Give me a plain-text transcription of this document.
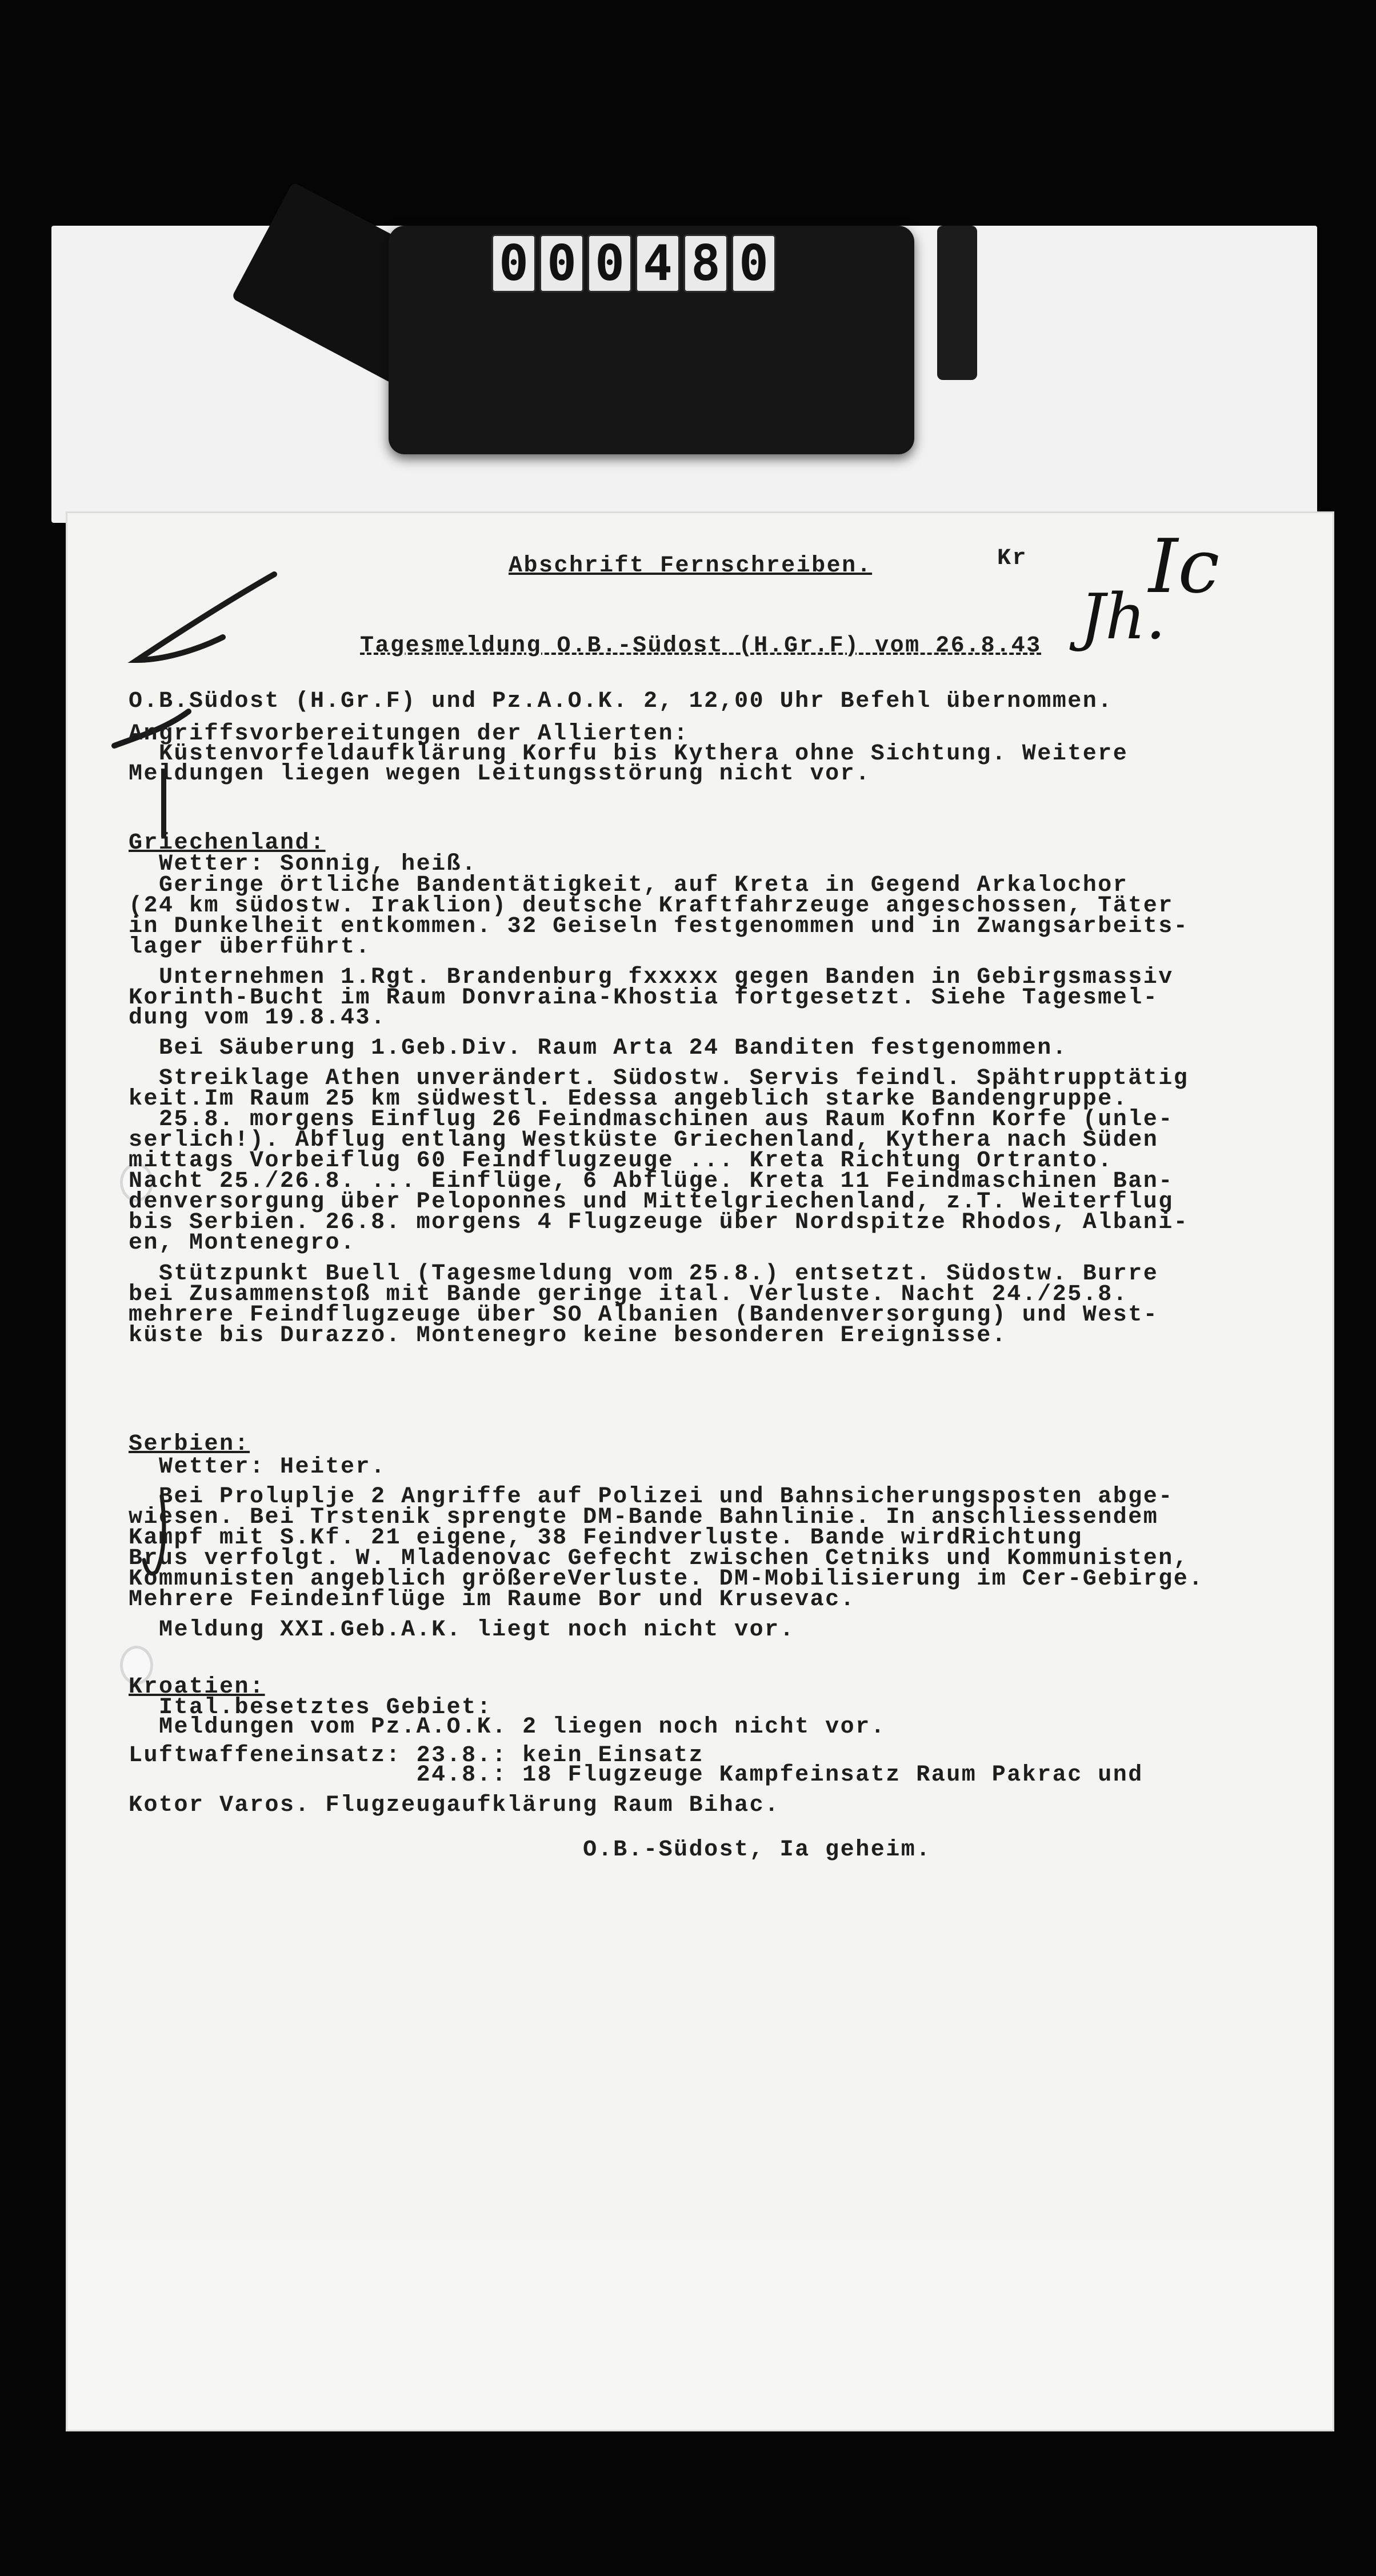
0 0 0 4 8 0
Ic
Jh.
Abschrift Fernschreiben.	Kr
Tagesmeldung O.B.-Südost (H.Gr.F) vom 26.8.43
O.B.Südost (H.Gr.F) und Pz.A.O.K. 2, 12,00 Uhr Befehl übernommen.
Angriffsvorbereitungen der Allierten:
Küstenvorfeldaufklärung Korfu bis Kythera ohne Sichtung. Weitere
Meldungen liegen wegen Leitungsstörung nicht vor.
Griechenland:
Wetter: Sonnig, heiß.
Geringe örtliche Bandentätigkeit, auf Kreta in Gegend Arkalochor
(24 km südostw. Iraklion) deutsche Kraftfahrzeuge angeschossen, Täter
in Dunkelheit entkommen. 32 Geiseln festgenommen und in Zwangsarbeits-
lager überführt.
Unternehmen 1.Rgt. Brandenburg fxxxxx gegen Banden in Gebirgsmassiv
Korinth-Bucht im Raum Donvraina-Khostia fortgesetzt. Siehe Tagesmel-
dung vom 19.8.43.
Bei Säuberung 1.Geb.Div. Raum Arta 24 Banditen festgenommen.
Streiklage Athen unverändert. Südostw. Servis feindl. Spähtrupptätig
keit.Im Raum 25 km südwestl. Edessa angeblich starke Bandengruppe.
25.8. morgens Einflug 26 Feindmaschinen aus Raum Kofnn Korfe (unle-
serlich!). Abflug entlang Westküste Griechenland, Kythera nach Süden
mittags Vorbeiflug 60 Feindflugzeuge ... Kreta Richtung Ortranto.
Nacht 25./26.8. ... Einflüge, 6 Abflüge. Kreta 11 Feindmaschinen Ban-
denversorgung über Peloponnes und Mittelgriechenland, z.T. Weiterflug
bis Serbien. 26.8. morgens 4 Flugzeuge über Nordspitze Rhodos, Albani-
en, Montenegro.
Stützpunkt Buell (Tagesmeldung vom 25.8.) entsetzt. Südostw. Burre
bei Zusammenstoß mit Bande geringe ital. Verluste. Nacht 24./25.8.
mehrere Feindflugzeuge über SO Albanien (Bandenversorgung) und West-
küste bis Durazzo. Montenegro keine besonderen Ereignisse.
Serbien:
Wetter: Heiter.
Bei Proluplje 2 Angriffe auf Polizei und Bahnsicherungsposten abge-
wiesen. Bei Trstenik sprengte DM-Bande Bahnlinie. In anschliessendem
Kampf mit S.Kf. 21 eigene, 38 Feindverluste. Bande wirdRichtung
Brus verfolgt. W. Mladenovac Gefecht zwischen Cetniks und Kommunisten,
Kommunisten angeblich größereVerluste. DM-Mobilisierung im Cer-Gebirge.
Mehrere Feindeinflüge im Raume Bor und Krusevac.
Meldung XXI.Geb.A.K. liegt noch nicht vor.
Kroatien:
Ital.besetztes Gebiet:
Meldungen vom Pz.A.O.K. 2 liegen noch nicht vor.
Luftwaffeneinsatz: 23.8.: kein Einsatz
24.8.: 18 Flugzeuge Kampfeinsatz Raum Pakrac und
Kotor Varos. Flugzeugaufklärung Raum Bihac.
O.B.-Südost, Ia geheim.
